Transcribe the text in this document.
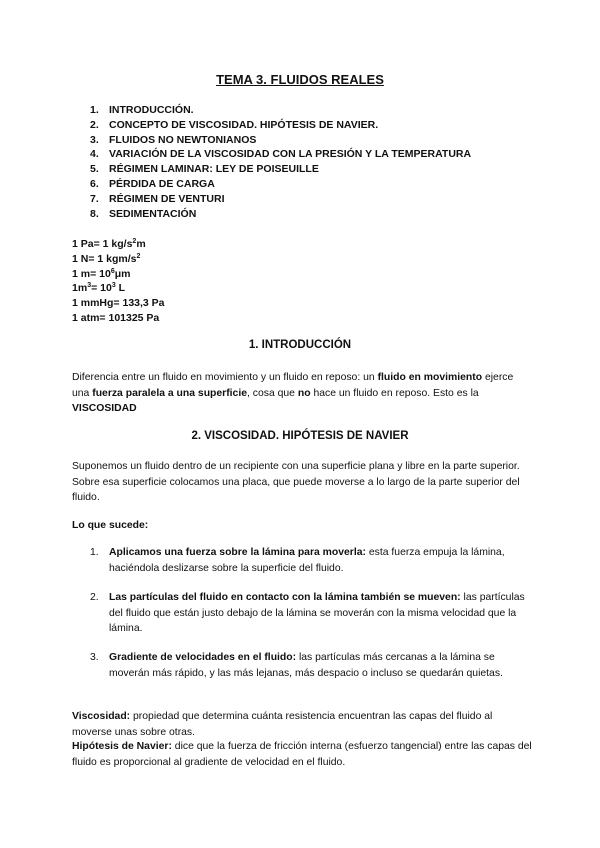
TEMA 3. FLUIDOS REALES
1. INTRODUCCIÓN.
2. CONCEPTO DE VISCOSIDAD. HIPÓTESIS DE NAVIER.
3. FLUIDOS NO NEWTONIANOS
4. VARIACIÓN DE LA VISCOSIDAD CON LA PRESIÓN Y LA TEMPERATURA
5. RÉGIMEN LAMINAR: LEY DE POISEUILLE
6. PÉRDIDA DE CARGA
7. RÉGIMEN DE VENTURI
8. SEDIMENTACIÓN
1 Pa= 1 $kg/s^2m$
1 N= 1 kgm/$s^2$
1 $m= 10^6\mu m$
$1m^3= 10^3$ L
1 mmHg= 133,3 Pa
1 atm= 101325 Pa
1. INTRODUCCIÓN
Diferencia entre un fluido en movimiento y un fluido en reposo: un fluido en movimiento ejerce una fuerza paralela a una superficie, cosa que no hace un fluido en reposo. Esto es la VISCOSIDAD
2. VISCOSIDAD. HIPÓTESIS DE NAVIER
Suponemos un fluido dentro de un recipiente con una superficie plana y libre en la parte superior. Sobre esa superficie colocamos una placa, que puede moverse a lo largo de la parte superior del fluido.
Lo que sucede:
1. Aplicamos una fuerza sobre la lámina para moverla: esta fuerza empuja la lámina, haciéndola deslizarse sobre la superficie del fluido.
2. Las partículas del fluido en contacto con la lámina también se mueven: las partículas del fluido que están justo debajo de la lámina se moverán con la misma velocidad que la lámina.
3. Gradiente de velocidades en el fluido: las partículas más cercanas a la lámina se moverán más rápido, y las más lejanas, más despacio o incluso se quedarán quietas.
Viscosidad: propiedad que determina cuánta resistencia encuentran las capas del fluido al moverse unas sobre otras.
Hipótesis de Navier: dice que la fuerza de fricción interna (esfuerzo tangencial) entre las capas del fluido es proporcional al gradiente de velocidad en el fluido.
